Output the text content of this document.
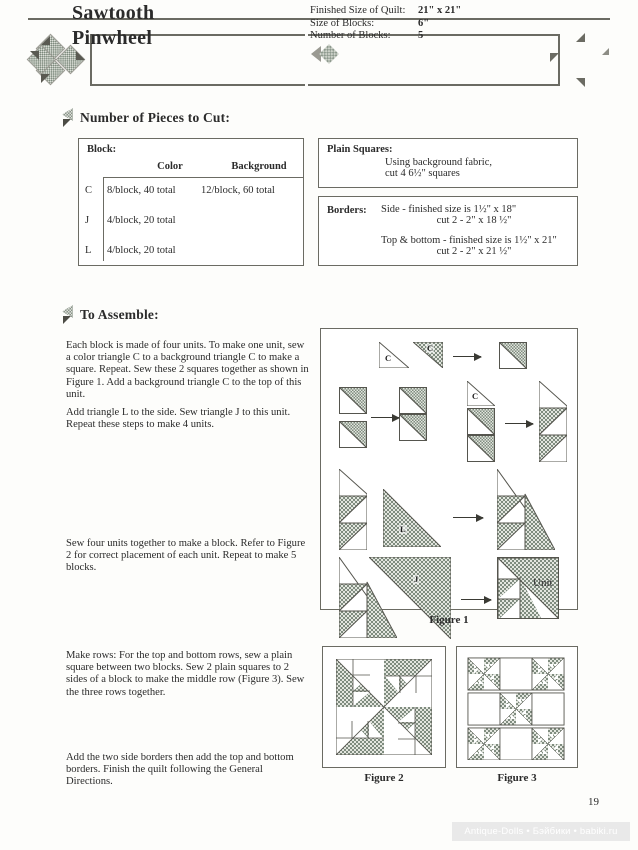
Sawtooth
Pinwheel
Finished Size of Quilt:	21" x 21"
Size of Blocks:	6"
Number of Blocks:	5
Number of Pieces to Cut:
Block:
Color	Background
C	8/block, 40 total	12/block, 60 total
J	4/block, 20 total
L	4/block, 20 total
Plain Squares:
Using background fabric,
cut 4 6½" squares
Borders: Side - finished size is 1½" x 18"
cut 2 - 2" x 18 ½"
Top & bottom - finished size is 1½" x 21"
cut 2 - 2" x 21 ½"
To Assemble:
Each block is made of four units. To make one unit, sew a color triangle C to a background triangle C to make a square. Repeat. Sew these 2 squares together as shown in Figure 1. Add a background triangle C to the top of this unit.
Add triangle L to the side. Sew triangle J to this unit. Repeat these steps to make 4 units.
Sew four units together to make a block. Refer to Figure 2 for correct placement of each unit. Repeat to make 5 blocks.
Make rows: For the top and bottom rows, sew a plain square between two blocks. Sew 2 plain squares to 2 sides of a block to make the middle row (Figure 3). Sew the three rows together.
Add the two side borders then add the top and bottom borders. Finish the quilt following the General Directions.
C
C
C
L
J	Unit
Figure 1
Figure 2	Figure 3
19
Antique-Dolls • Бэйбики • babiki.ru
